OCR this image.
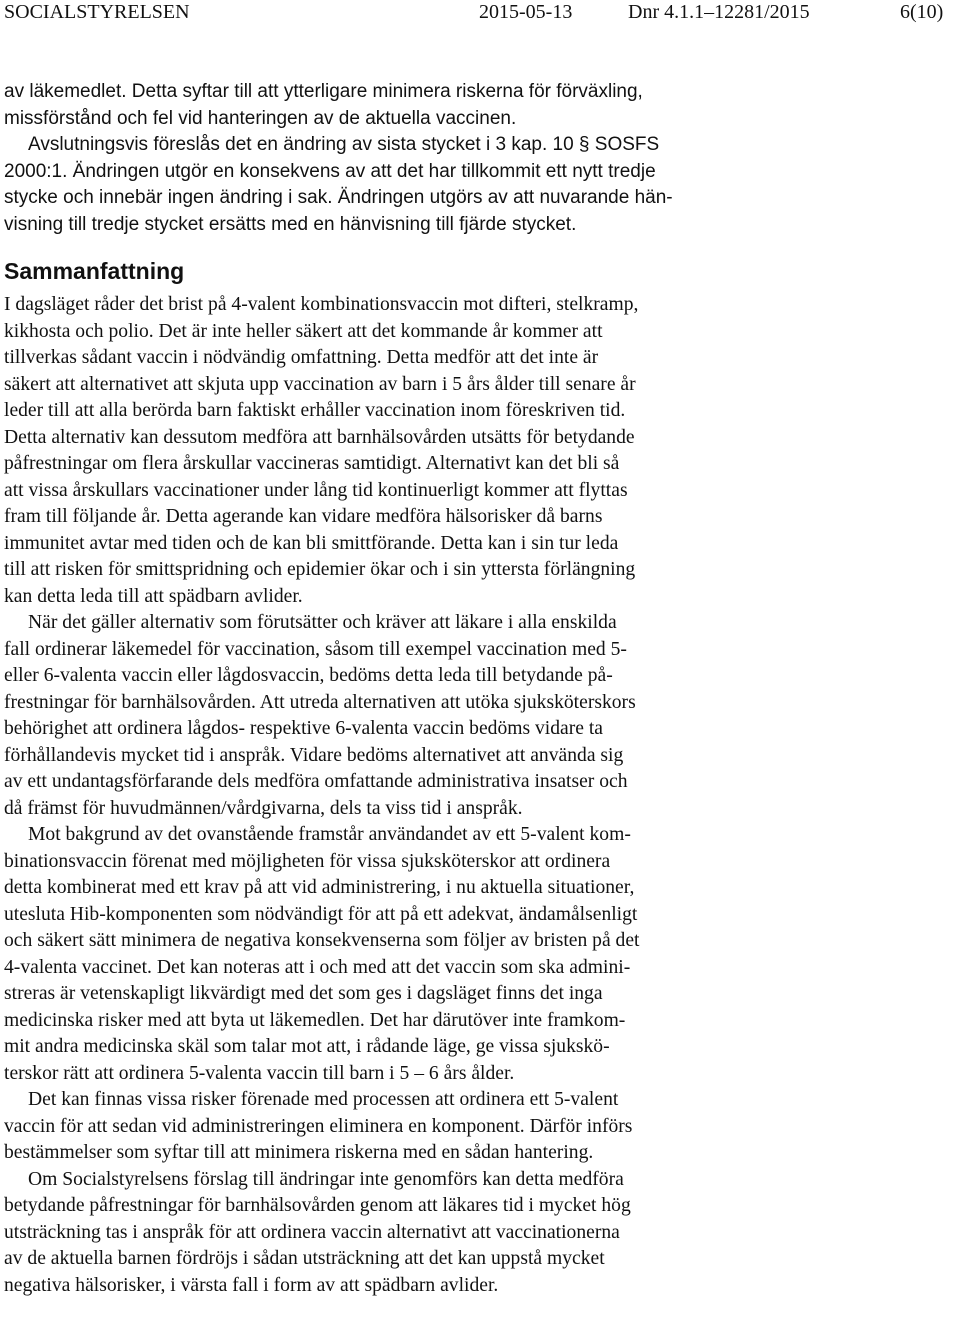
SOCIALSTYRELSEN	2015-05-13	Dnr 4.1.1–12281/2015	6(10)

av läkemedlet. Detta syftar till att ytterligare minimera riskerna för förväxling,
missförstånd och fel vid hanteringen av de aktuella vaccinen.

Avslutningsvis föreslås det en ändring av sista stycket i 3 kap. 10 § SOSFS
2000:1. Ändringen utgör en konsekvens av att det har tillkommit ett nytt tredje
stycke och innebär ingen ändring i sak. Ändringen utgörs av att nuvarande hän-
visning till tredje stycket ersätts med en hänvisning till fjärde stycket.

Sammanfattning

I dagsläget råder det brist på 4-valent kombinationsvaccin mot difteri, stelkramp,
kikhosta och polio. Det är inte heller säkert att det kommande år kommer att
tillverkas sådant vaccin i nödvändig omfattning. Detta medför att det inte är
säkert att alternativet att skjuta upp vaccination av barn i 5 års ålder till senare år
leder till att alla berörda barn faktiskt erhåller vaccination inom föreskriven tid.
Detta alternativ kan dessutom medföra att barnhälsovården utsätts för betydande
påfrestningar om flera årskullar vaccineras samtidigt. Alternativt kan det bli så
att vissa årskullars vaccinationer under lång tid kontinuerligt kommer att flyttas
fram till följande år. Detta agerande kan vidare medföra hälsorisker då barns
immunitet avtar med tiden och de kan bli smittförande. Detta kan i sin tur leda
till att risken för smittspridning och epidemier ökar och i sin yttersta förlängning
kan detta leda till att spädbarn avlider.

När det gäller alternativ som förutsätter och kräver att läkare i alla enskilda
fall ordinerar läkemedel för vaccination, såsom till exempel vaccination med 5-
eller 6-valenta vaccin eller lågdosvaccin, bedöms detta leda till betydande på-
frestningar för barnhälsovården. Att utreda alternativen att utöka sjuksköterskors
behörighet att ordinera lågdos- respektive 6-valenta vaccin bedöms vidare ta
förhållandevis mycket tid i anspråk. Vidare bedöms alternativet att använda sig
av ett undantagsförfarande dels medföra omfattande administrativa insatser och
då främst för huvudmännen/vårdgivarna, dels ta viss tid i anspråk.

Mot bakgrund av det ovanstående framstår användandet av ett 5-valent kom-
binationsvaccin förenat med möjligheten för vissa sjuksköterskor att ordinera
detta kombinerat med ett krav på att vid administrering, i nu aktuella situationer,
utesluta Hib-komponenten som nödvändigt för att på ett adekvat, ändamålsenligt
och säkert sätt minimera de negativa konsekvenserna som följer av bristen på det
4-valenta vaccinet. Det kan noteras att i och med att det vaccin som ska admini-
streras är vetenskapligt likvärdigt med det som ges i dagsläget finns det inga
medicinska risker med att byta ut läkemedlen. Det har därutöver inte framkom-
mit andra medicinska skäl som talar mot att, i rådande läge, ge vissa sjukskö-
terskor rätt att ordinera 5-valenta vaccin till barn i 5 – 6 års ålder.

Det kan finnas vissa risker förenade med processen att ordinera ett 5-valent
vaccin för att sedan vid administreringen eliminera en komponent. Därför införs
bestämmelser som syftar till att minimera riskerna med en sådan hantering.

Om Socialstyrelsens förslag till ändringar inte genomförs kan detta medföra
betydande påfrestningar för barnhälsovården genom att läkares tid i mycket hög
utsträckning tas i anspråk för att ordinera vaccin alternativt att vaccinationerna
av de aktuella barnen fördröjs i sådan utsträckning att det kan uppstå mycket
negativa hälsorisker, i värsta fall i form av att spädbarn avlider.
